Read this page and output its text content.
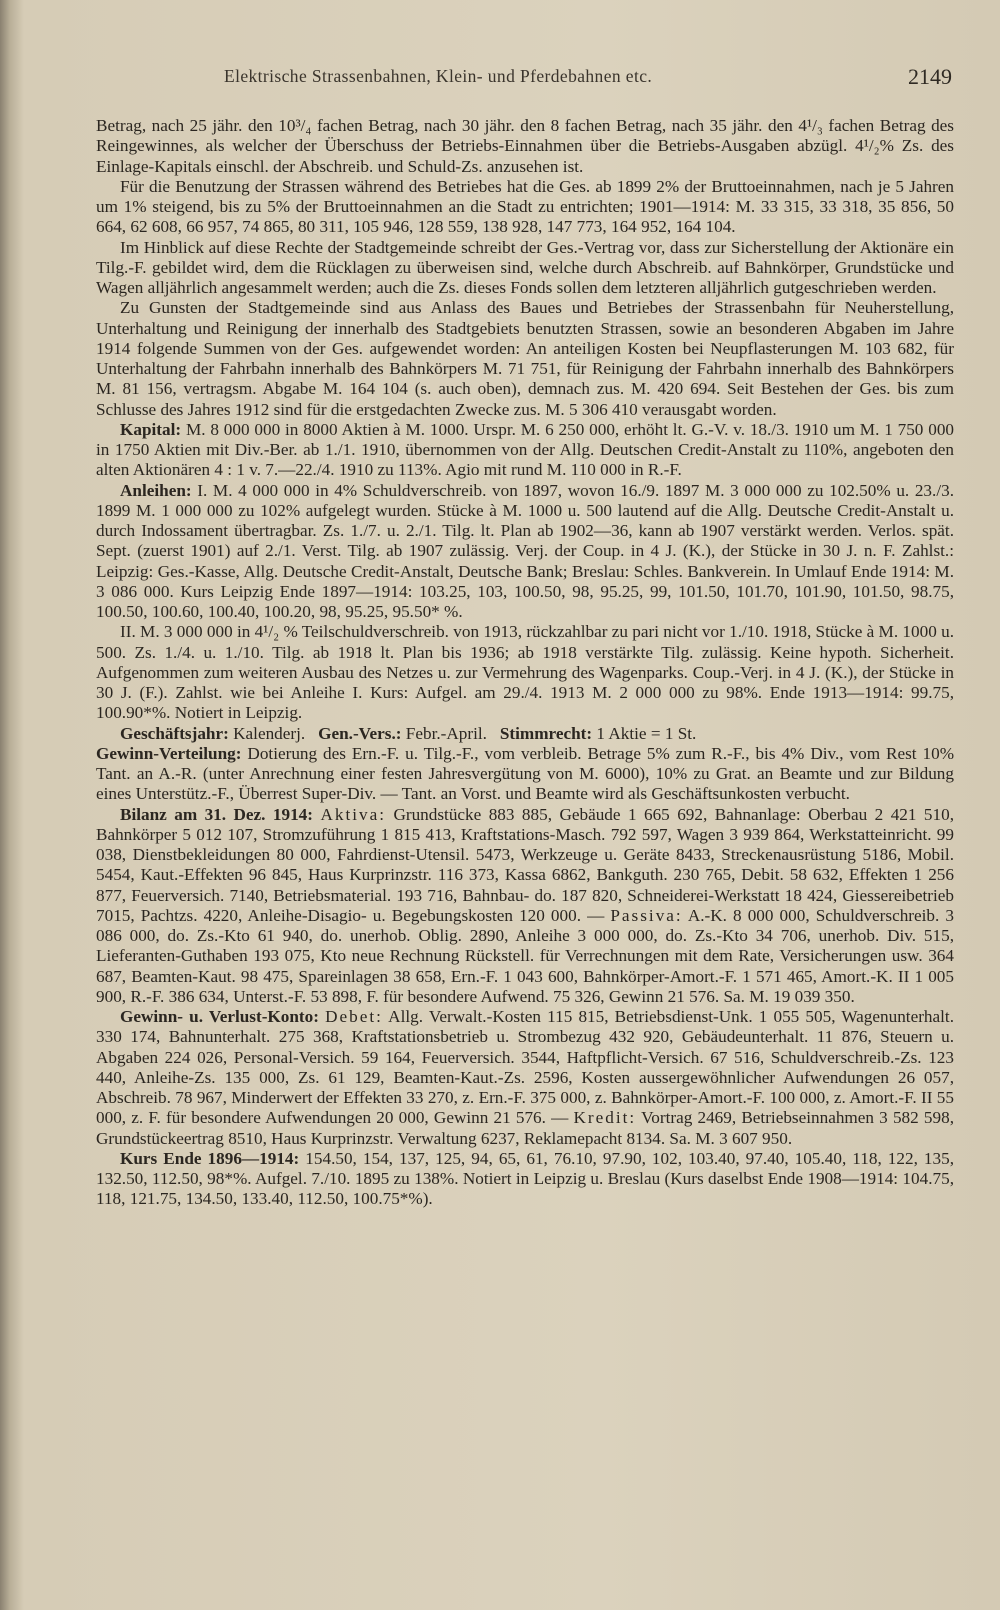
Elektrische Strassenbahnen, Klein- und Pferdebahnen etc.	2149

Betrag, nach 25 jähr. den 10³/₄ fachen Betrag, nach 30 jähr. den 8 fachen Betrag, nach 35 jähr. den 4¹/₃ fachen Betrag des Reingewinnes, als welcher der Überschuss der Betriebs-Einnahmen über die Betriebs-Ausgaben abzügl. 4¹/₂% Zs. des Einlage-Kapitals einschl. der Abschreib. und Schuld-Zs. anzusehen ist.

Für die Benutzung der Strassen während des Betriebes hat die Ges. ab 1899 2% der Bruttoeinnahmen, nach je 5 Jahren um 1% steigend, bis zu 5% der Bruttoeinnahmen an die Stadt zu entrichten; 1901—1914: M. 33 315, 33 318, 35 856, 50 664, 62 608, 66 957, 74 865, 80 311, 105 946, 128 559, 138 928, 147 773, 164 952, 164 104.

Im Hinblick auf diese Rechte der Stadtgemeinde schreibt der Ges.-Vertrag vor, dass zur Sicherstellung der Aktionäre ein Tilg.-F. gebildet wird, dem die Rücklagen zu überweisen sind, welche durch Abschreib. auf Bahnkörper, Grundstücke und Wagen alljährlich angesammelt werden; auch die Zs. dieses Fonds sollen dem letzteren alljährlich gutgeschrieben werden.

Zu Gunsten der Stadtgemeinde sind aus Anlass des Baues und Betriebes der Strassenbahn für Neuherstellung, Unterhaltung und Reinigung der innerhalb des Stadtgebiets benutzten Strassen, sowie an besonderen Abgaben im Jahre 1914 folgende Summen von der Ges. aufgewendet worden: An anteiligen Kosten bei Neupflasterungen M. 103 682, für Unterhaltung der Fahrbahn innerhalb des Bahnkörpers M. 71 751, für Reinigung der Fahrbahn innerhalb des Bahnkörpers M. 81 156, vertragsm. Abgabe M. 164 104 (s. auch oben), demnach zus. M. 420 694. Seit Bestehen der Ges. bis zum Schlusse des Jahres 1912 sind für die erstgedachten Zwecke zus. M. 5 306 410 verausgabt worden.

Kapital: M. 8 000 000 in 8000 Aktien à M. 1000. Urspr. M. 6 250 000, erhöht lt. G.-V. v. 18./3. 1910 um M. 1 750 000 in 1750 Aktien mit Div.-Ber. ab 1./1. 1910, übernommen von der Allg. Deutschen Credit-Anstalt zu 110%, angeboten den alten Aktionären 4 : 1 v. 7.—22./4. 1910 zu 113%. Agio mit rund M. 110 000 in R.-F.

Anleihen: I. M. 4 000 000 in 4% Schuldverschreib. von 1897, wovon 16./9. 1897 M. 3 000 000 zu 102.50% u. 23./3. 1899 M. 1 000 000 zu 102% aufgelegt wurden. Stücke à M. 1000 u. 500 lautend auf die Allg. Deutsche Credit-Anstalt u. durch Indossament übertragbar. Zs. 1./7. u. 2./1. Tilg. lt. Plan ab 1902—36, kann ab 1907 verstärkt werden. Verlos. spät. Sept. (zuerst 1901) auf 2./1. Verst. Tilg. ab 1907 zulässig. Verj. der Coup. in 4 J. (K.), der Stücke in 30 J. n. F. Zahlst.: Leipzig: Ges.-Kasse, Allg. Deutsche Credit-Anstalt, Deutsche Bank; Breslau: Schles. Bankverein. In Umlauf Ende 1914: M. 3 086 000. Kurs Leipzig Ende 1897—1914: 103.25, 103, 100.50, 98, 95.25, 99, 101.50, 101.70, 101.90, 101.50, 98.75, 100.50, 100.60, 100.40, 100.20, 98, 95.25, 95.50* %.

II. M. 3 000 000 in 4¹/₂ % Teilschuldverschreib. von 1913, rückzahlbar zu pari nicht vor 1./10. 1918, Stücke à M. 1000 u. 500. Zs. 1./4. u. 1./10. Tilg. ab 1918 lt. Plan bis 1936; ab 1918 verstärkte Tilg. zulässig. Keine hypoth. Sicherheit. Aufgenommen zum weiteren Ausbau des Netzes u. zur Vermehrung des Wagenparks. Coup.-Verj. in 4 J. (K.), der Stücke in 30 J. (F.). Zahlst. wie bei Anleihe I. Kurs: Aufgel. am 29./4. 1913 M. 2 000 000 zu 98%. Ende 1913—1914: 99.75, 100.90*%. Notiert in Leipzig.

Geschäftsjahr: Kalenderj. Gen.-Vers.: Febr.-April. Stimmrecht: 1 Aktie = 1 St.

Gewinn-Verteilung: Dotierung des Ern.-F. u. Tilg.-F., vom verbleib. Betrage 5% zum R.-F., bis 4% Div., vom Rest 10% Tant. an A.-R. (unter Anrechnung einer festen Jahresvergütung von M. 6000), 10% zu Grat. an Beamte und zur Bildung eines Unterstütz.-F., Überrest Super-Div. — Tant. an Vorst. und Beamte wird als Geschäftsunkosten verbucht.

Bilanz am 31. Dez. 1914: Aktiva: Grundstücke 883 885, Gebäude 1 665 692, Bahnanlage: Oberbau 2 421 510, Bahnkörper 5 012 107, Stromzuführung 1 815 413, Kraftstations-Masch. 792 597, Wagen 3 939 864, Werkstatteinricht. 99 038, Dienstbekleidungen 80 000, Fahrdienst-Utensil. 5473, Werkzeuge u. Geräte 8433, Streckenausrüstung 5186, Mobil. 5454, Kaut.-Effekten 96 845, Haus Kurprinzstr. 116 373, Kassa 6862, Bankguth. 230 765, Debit. 58 632, Effekten 1 256 877, Feuerversich. 7140, Betriebsmaterial. 193 716, Bahnbau- do. 187 820, Schneiderei-Werkstatt 18 424, Giessereibetrieb 7015, Pachtzs. 4220, Anleihe-Disagio- u. Begebungskosten 120 000. — Passiva: A.-K. 8 000 000, Schuldverschreib. 3 086 000, do. Zs.-Kto 61 940, do. unerhob. Oblig. 2890, Anleihe 3 000 000, do. Zs.-Kto 34 706, unerhob. Div. 515, Lieferanten-Guthaben 193 075, Kto neue Rechnung Rückstell. für Verrechnungen mit dem Rate, Versicherungen usw. 364 687, Beamten-Kaut. 98 475, Spareinlagen 38 658, Ern.-F. 1 043 600, Bahnkörper-Amort.-F. 1 571 465, Amort.-K. II 1 005 900, R.-F. 386 634, Unterst.-F. 53 898, F. für besondere Aufwend. 75 326, Gewinn 21 576. Sa. M. 19 039 350.

Gewinn- u. Verlust-Konto: Debet: Allg. Verwalt.-Kosten 115 815, Betriebsdienst-Unk. 1 055 505, Wagenunterhalt. 330 174, Bahnunterhalt. 275 368, Kraftstationsbetrieb u. Strombezug 432 920, Gebäudeunterhalt. 11 876, Steuern u. Abgaben 224 026, Personal-Versich. 59 164, Feuerversich. 3544, Haftpflicht-Versich. 67 516, Schuldverschreib.-Zs. 123 440, Anleihe-Zs. 135 000, Zs. 61 129, Beamten-Kaut.-Zs. 2596, Kosten aussergewöhnlicher Aufwendungen 26 057, Abschreib. 78 967, Minderwert der Effekten 33 270, z. Ern.-F. 375 000, z. Bahnkörper-Amort.-F. 100 000, z. Amort.-F. II 55 000, z. F. für besondere Aufwendungen 20 000, Gewinn 21 576. — Kredit: Vortrag 2469, Betriebseinnahmen 3 582 598, Grundstückeertrag 8510, Haus Kurprinzstr. Verwaltung 6237, Reklamepacht 8134. Sa. M. 3 607 950.

Kurs Ende 1896—1914: 154.50, 154, 137, 125, 94, 65, 61, 76.10, 97.90, 102, 103.40, 97.40, 105.40, 118, 122, 135, 132.50, 112.50, 98*%. Aufgel. 7./10. 1895 zu 138%. Notiert in Leipzig u. Breslau (Kurs daselbst Ende 1908—1914: 104.75, 118, 121.75, 134.50, 133.40, 112.50, 100.75*%).
